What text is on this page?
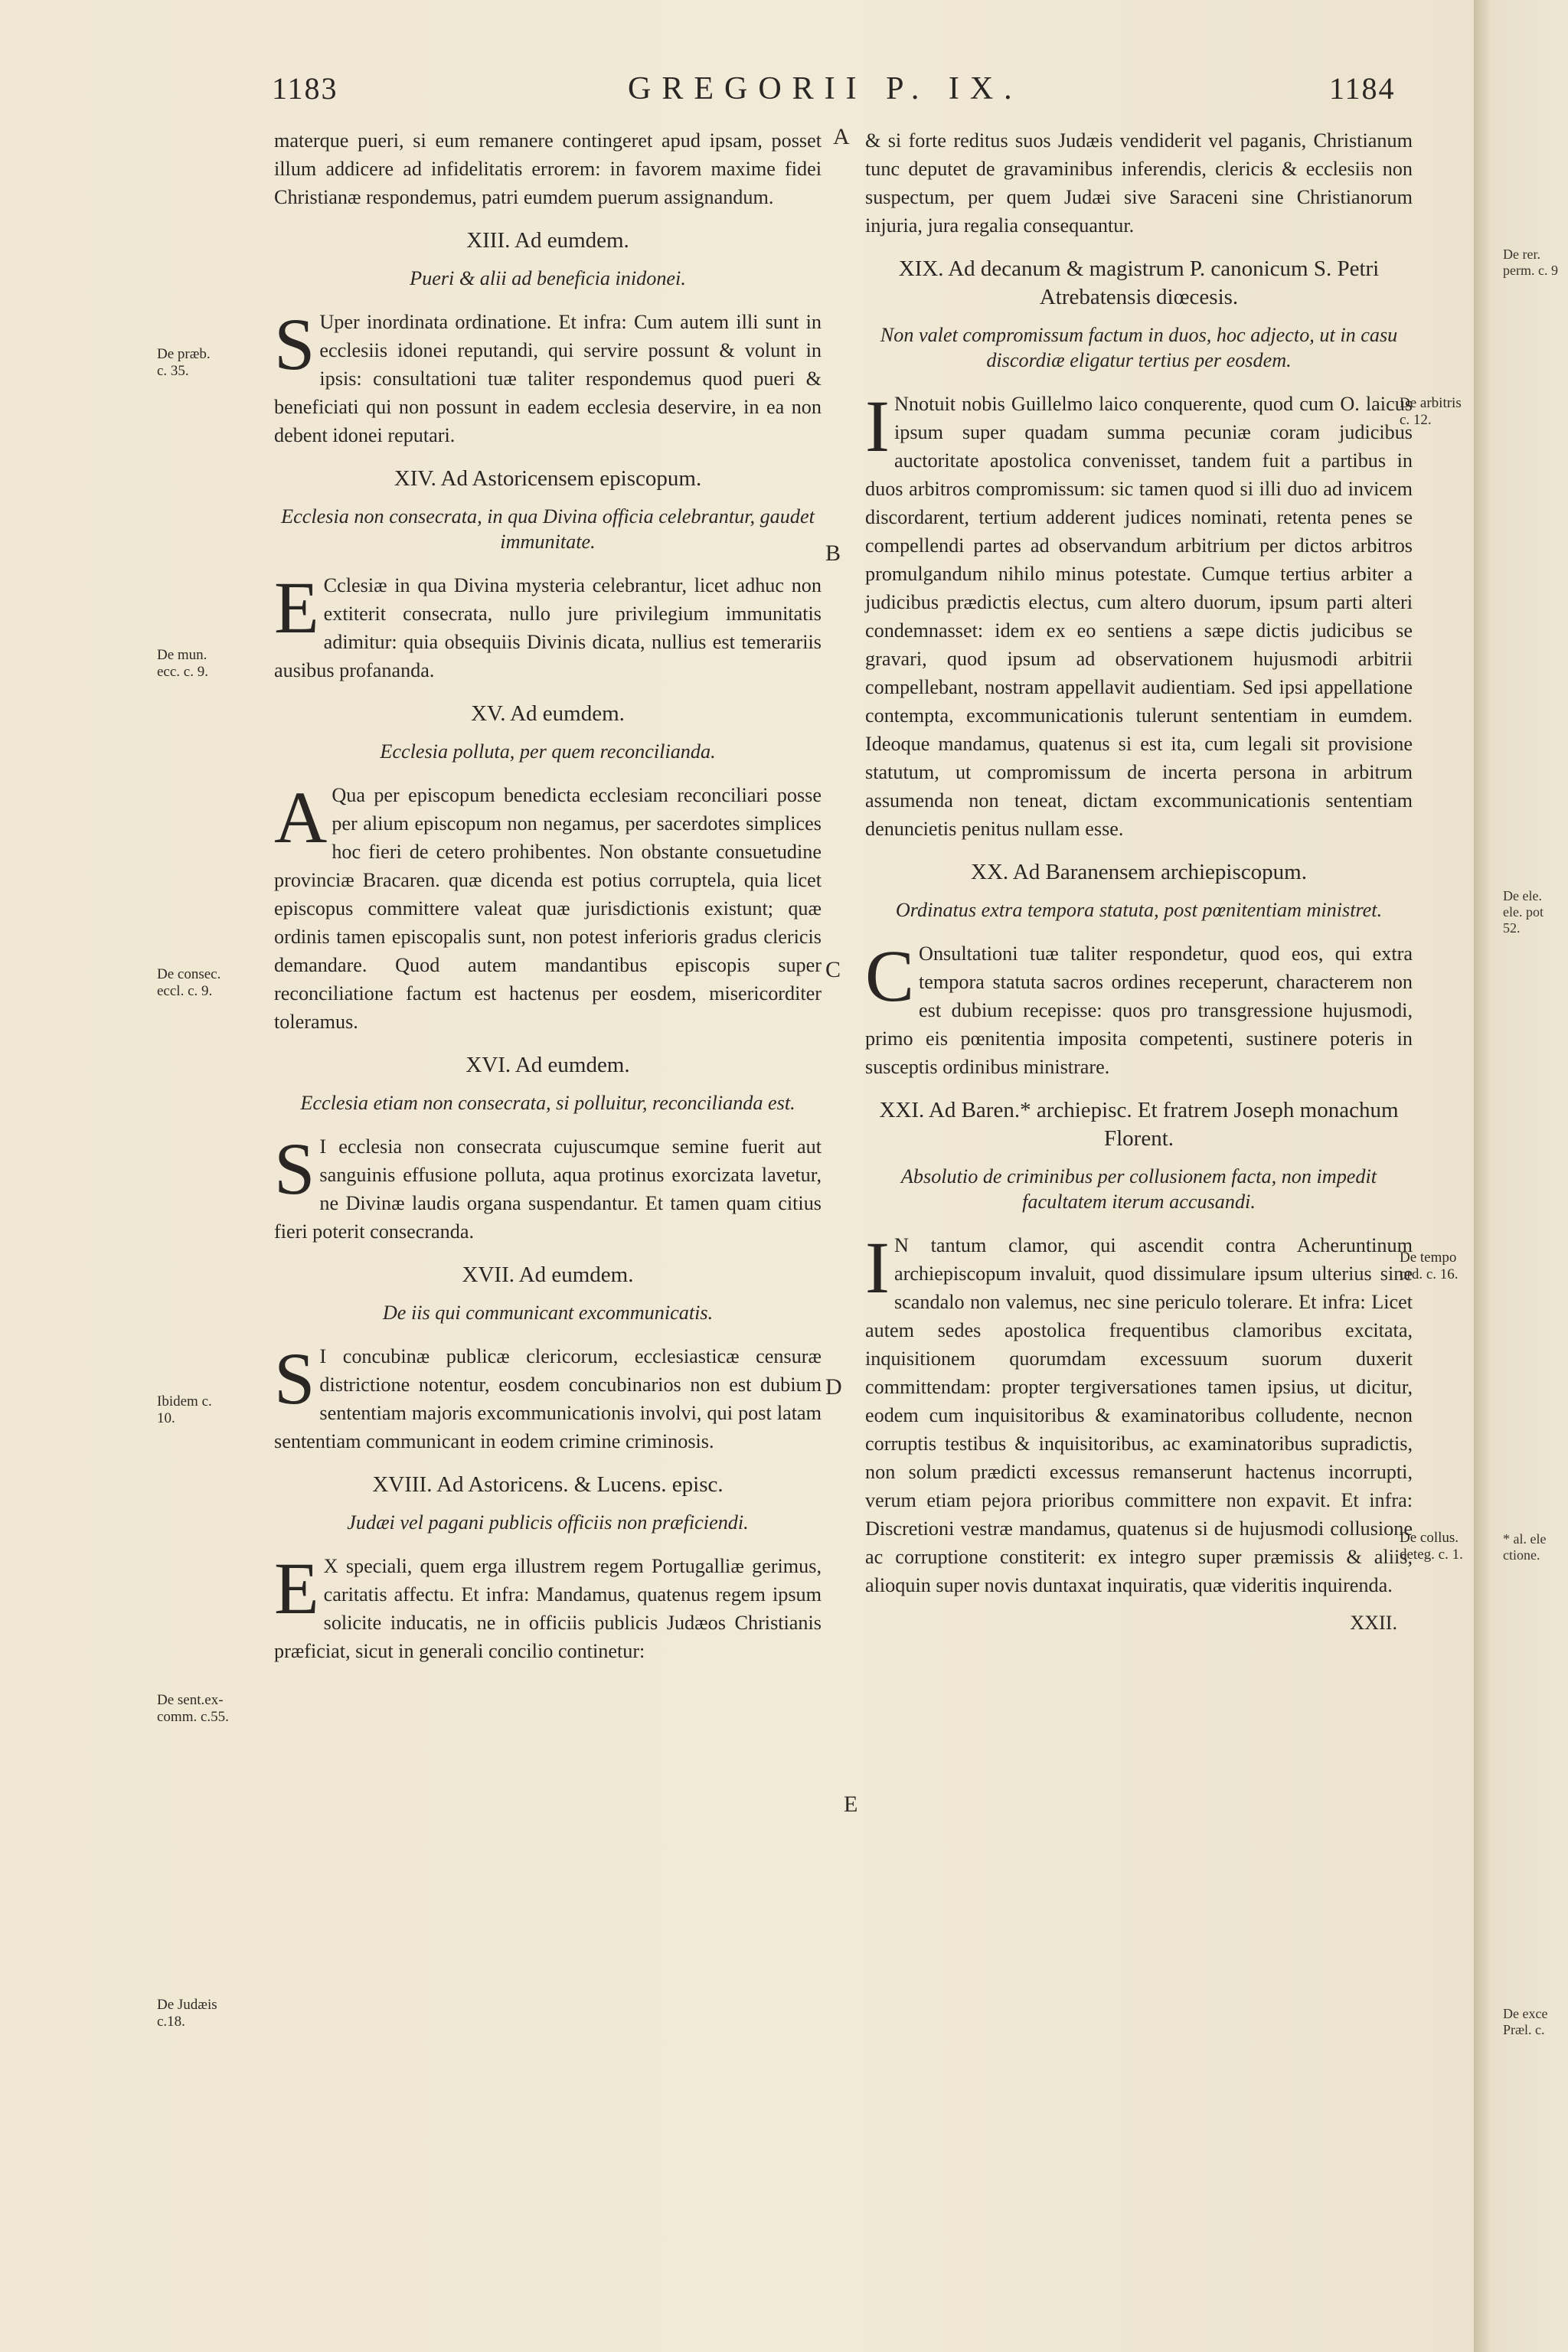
1183	GREGORII P. IX.	1184
A
B
C
D
E
De præb.
c. 35.
De mun.
ecc. c. 9.
De consec.
eccl. c. 9.
Ibidem c.
10.
De sent.ex-
comm. c.55.
De Judæis
c.18.
De arbitris
c. 12.
De tempo
ord. c. 16.
De collus.
deteg. c. 1.

materque pueri, si eum remanere contingeret apud ipsam, posset illum addicere ad infidelitatis errorem: in favorem maxime fidei Christianæ respondemus, patri eumdem puerum assignandum.

XIII. Ad eumdem.
Pueri & alii ad beneficia inidonei.

S Uper inordinata ordinatione. Et infra: Cum autem illi sunt in ecclesiis idonei reputandi, qui servire possunt & volunt in ipsis: consultationi tuæ taliter respondemus quod pueri & beneficiati qui non possunt in eadem ecclesia deservire, in ea non debent idonei reputari.

XIV. Ad Astoricensem episcopum.
Ecclesia non consecrata, in qua Divina officia celebrantur, gaudet immunitate.

E Cclesiæ in qua Divina mysteria celebrantur, licet adhuc non extiterit consecrata, nullo jure privilegium immunitatis adimitur: quia obsequiis Divinis dicata, nullius est temerariis ausibus profananda.

XV. Ad eumdem.
Ecclesia polluta, per quem reconcilianda.

A Qua per episcopum benedicta ecclesiam reconciliari posse per alium episcopum non negamus, per sacerdotes simplices hoc fieri de cetero prohibentes. Non obstante consuetudine provinciæ Bracaren. quæ dicenda est potius corruptela, quia licet episcopus committere valeat quæ jurisdictionis existunt; quæ ordinis tamen episcopalis sunt, non potest inferioris gradus clericis demandare. Quod autem mandantibus episcopis super reconciliatione factum est hactenus per eosdem, misericorditer toleramus.

XVI. Ad eumdem.
Ecclesia etiam non consecrata, si polluitur, reconcilianda est.

S I ecclesia non consecrata cujuscumque semine fuerit aut sanguinis effusione polluta, aqua protinus exorcizata lavetur, ne Divinæ laudis organa suspendantur. Et tamen quam citius fieri poterit consecranda.

XVII. Ad eumdem.
De iis qui communicant excommunicatis.

S I concubinæ publicæ clericorum, ecclesiasticæ censuræ districtione notentur, eosdem concubinarios non est dubium sententiam majoris excommunicationis involvi, qui post latam sententiam communicant in eodem crimine criminosis.

XVIII. Ad Astoricens. & Lucens. episc.
Judæi vel pagani publicis officiis non præficiendi.

E X speciali, quem erga illustrem regem Portugalliæ gerimus, caritatis affectu. Et infra: Mandamus, quatenus regem ipsum solicite inducatis, ne in officiis publicis Judæos Christianis præficiat, sicut in generali concilio continetur:

& si forte reditus suos Judæis vendiderit vel paganis, Christianum tunc deputet de gravaminibus inferendis, clericis & ecclesiis non suspectum, per quem Judæi sive Saraceni sine Christianorum injuria, jura regalia consequantur.

XIX. Ad decanum & magistrum P. canonicum S. Petri Atrebatensis diœcesis.
Non valet compromissum factum in duos, hoc adjecto, ut in casu discordiæ eligatur tertius per eosdem.

I Nnotuit nobis Guillelmo laico conquerente, quod cum O. laicus ipsum super quadam summa pecuniæ coram judicibus auctoritate apostolica convenisset, tandem fuit a partibus in duos arbitros compromissum: sic tamen quod si illi duo ad invicem discordarent, tertium adderent judices nominati, retenta penes se compellendi partes ad observandum arbitrium per dictos arbitros promulgandum nihilo minus potestate. Cumque tertius arbiter a judicibus prædictis electus, cum altero duorum, ipsum parti alteri condemnasset: idem ex eo sentiens a sæpe dictis judicibus se gravari, quod ipsum ad observationem hujusmodi arbitrii compellebant, nostram appellavit audientiam. Sed ipsi appellatione contempta, excommunicationis tulerunt sententiam in eumdem. Ideoque mandamus, quatenus si est ita, cum legali sit provisione statutum, ut compromissum de incerta persona in arbitrum assumenda non teneat, dictam excommunicationis sententiam denuncietis penitus nullam esse.

XX. Ad Baranensem archiepiscopum.
Ordinatus extra tempora statuta, post pœnitentiam ministret.

C Onsultationi tuæ taliter respondetur, quod eos, qui extra tempora statuta sacros ordines receperunt, characterem non est dubium recepisse: quos pro transgressione hujusmodi, primo eis pœnitentia imposita competenti, sustinere poteris in susceptis ordinibus ministrare.

XXI. Ad Baren.* archiepisc. Et fratrem Joseph monachum Florent.
Absolutio de criminibus per collusionem facta, non impedit facultatem iterum accusandi.

I N tantum clamor, qui ascendit contra Acheruntinum archiepiscopum invaluit, quod dissimulare ipsum ulterius sine scandalo non valemus, nec sine periculo tolerare. Et infra: Licet autem sedes apostolica frequentibus clamoribus excitata, inquisitionem quorumdam excessuum suorum duxerit committendam: propter tergiversationes tamen ipsius, ut dicitur, eodem cum inquisitoribus & examinatoribus colludente, necnon corruptis testibus & inquisitoribus, ac examinatoribus supradictis, non solum prædicti excessus remanserunt hactenus incorrupti, verum etiam pejora prioribus committere non expavit. Et infra: Discretioni vestræ mandamus, quatenus si de hujusmodi collusione ac corruptione constiterit: ex integro super præmissis & aliis, alioquin super novis duntaxat inquiratis, quæ videritis inquirenda.

XXII.

De rer.
perm. c. 9
De ele.
ele. pot
52.
* al. ele
ctione.
De exce
Præl. c.
